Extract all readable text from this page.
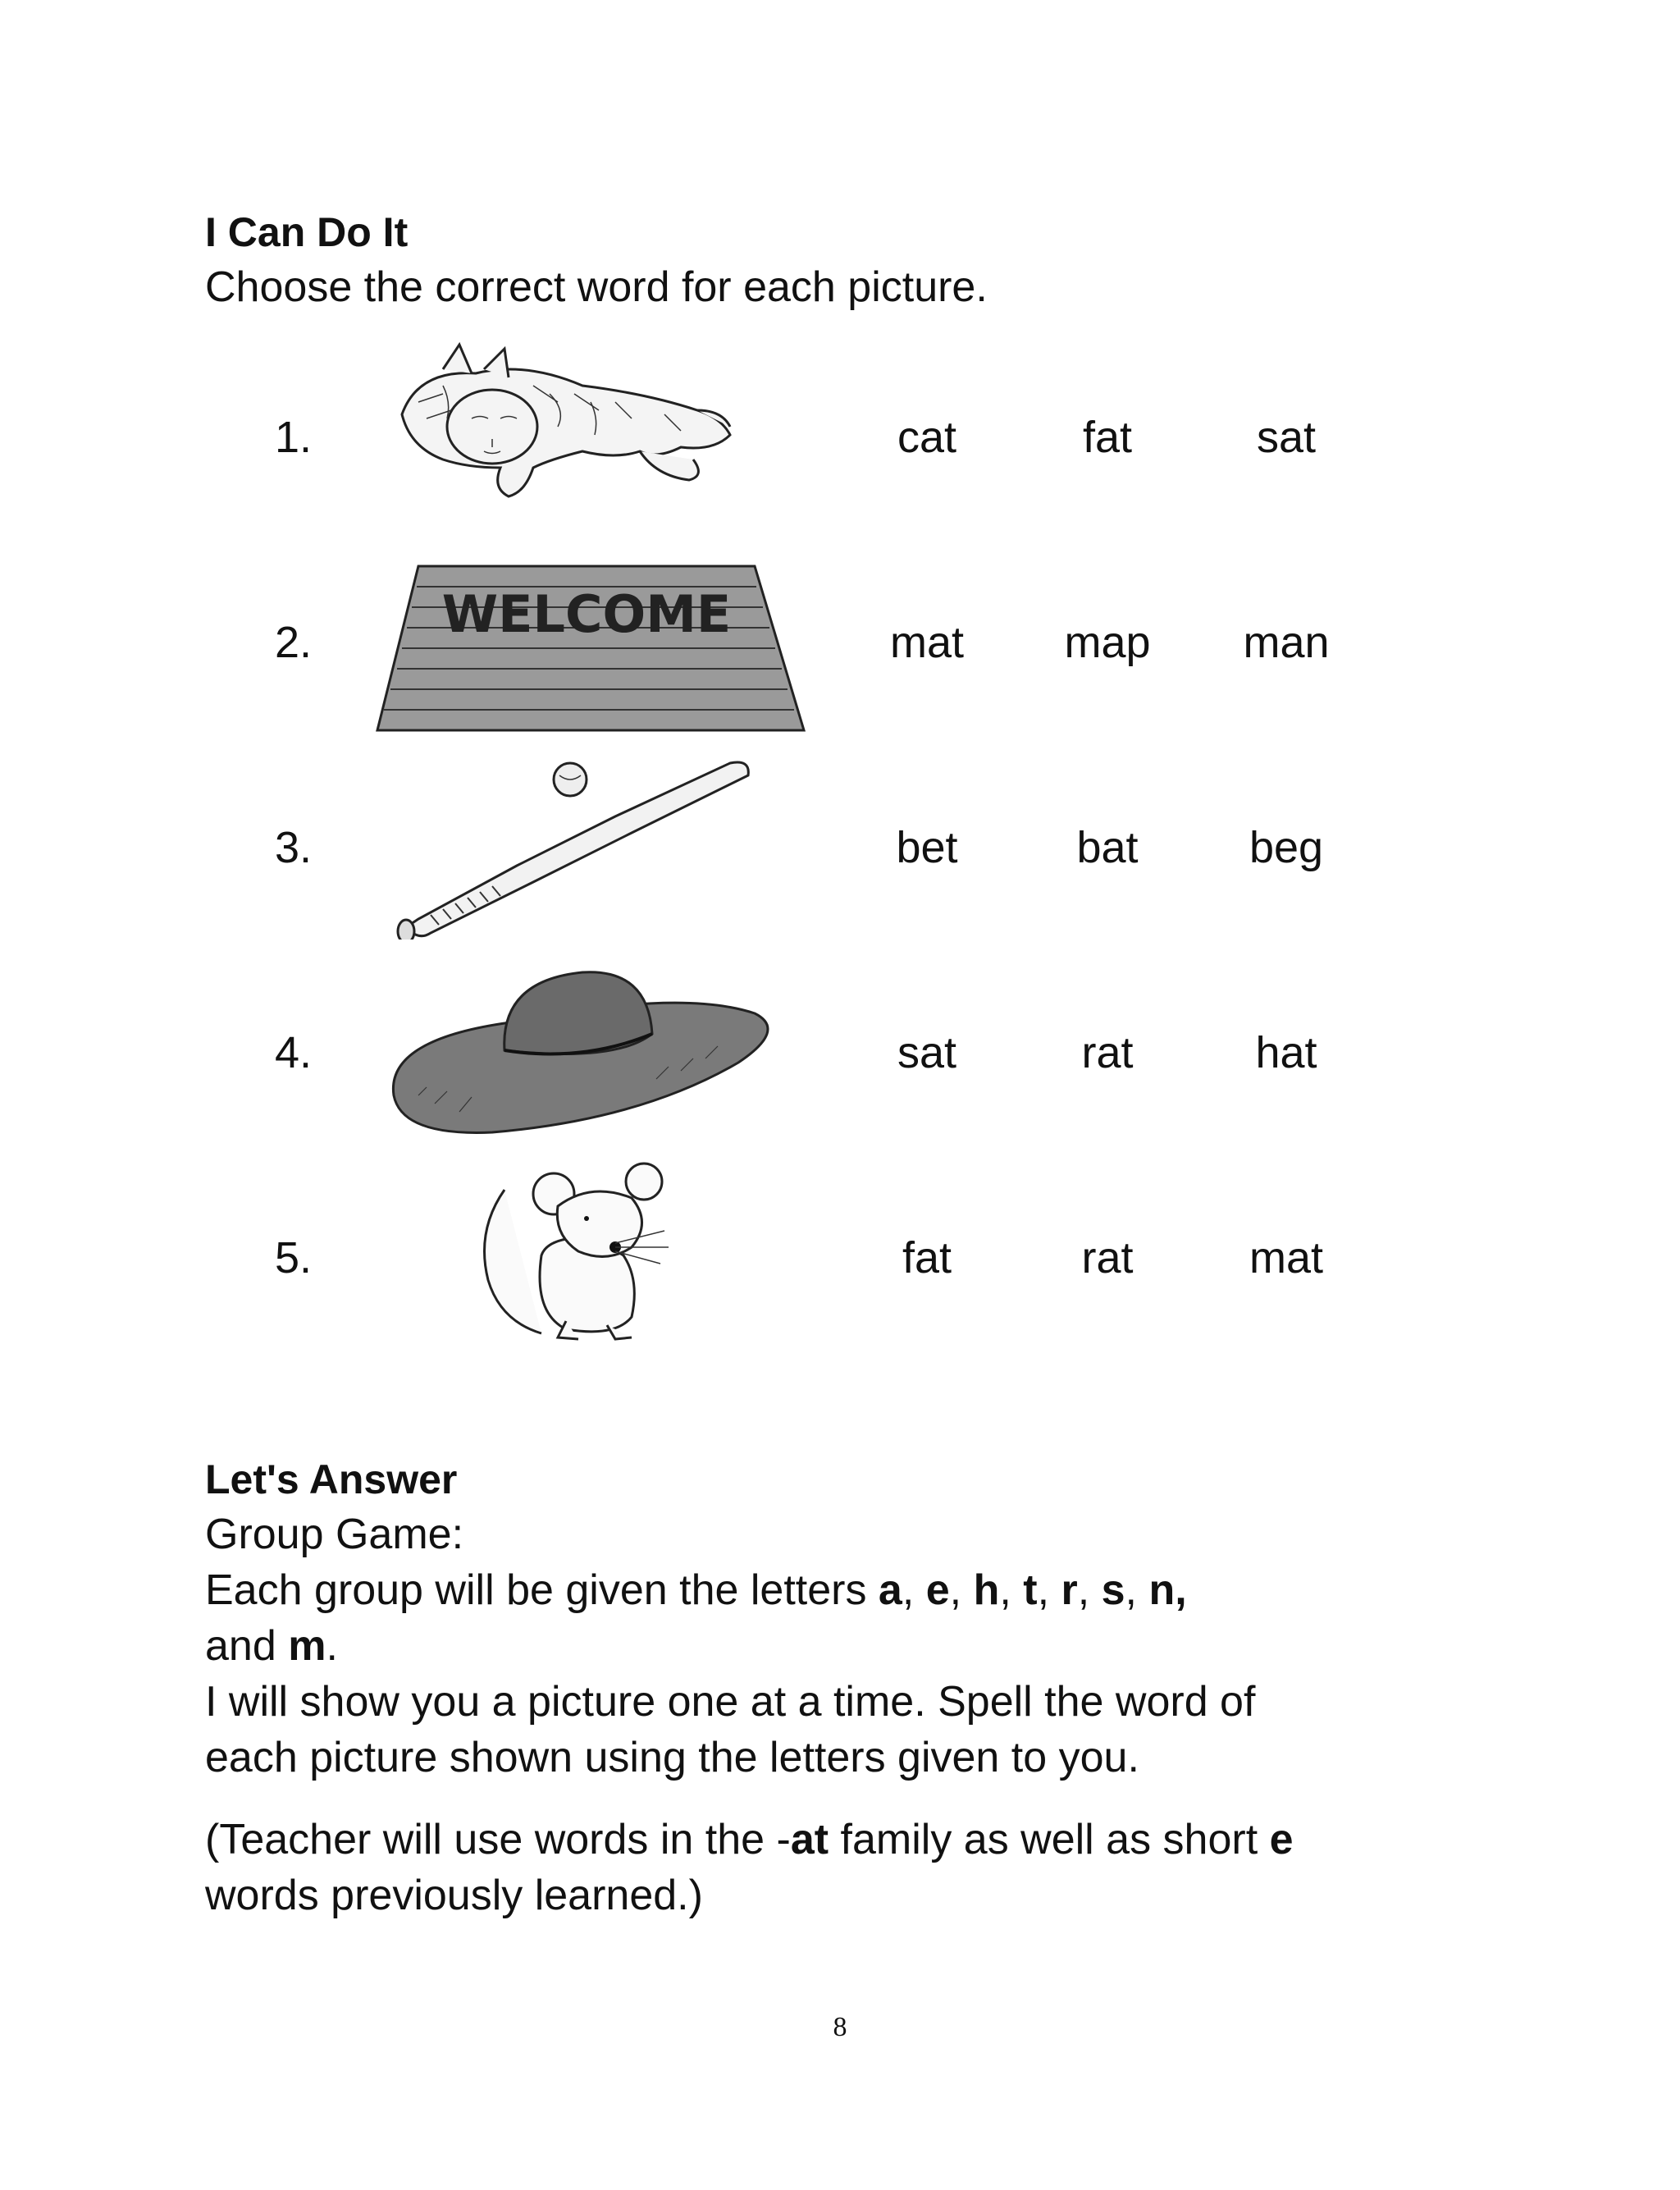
I Can Do It

Choose the correct word for each picture.

1.	cat	fat	sat
2.	WELCOME	mat	map	man
3.	bet	bat	beg
4.	sat	rat	hat
5.	fat	rat	mat

Let's Answer

Group Game:

Each group will be given the letters a, e, h, t, r, s, n,
and m.

I will show you a picture one at a time. Spell the word of each picture shown using the letters given to you.

(Teacher will use words in the -at family as well as short e words previously learned.)

8
